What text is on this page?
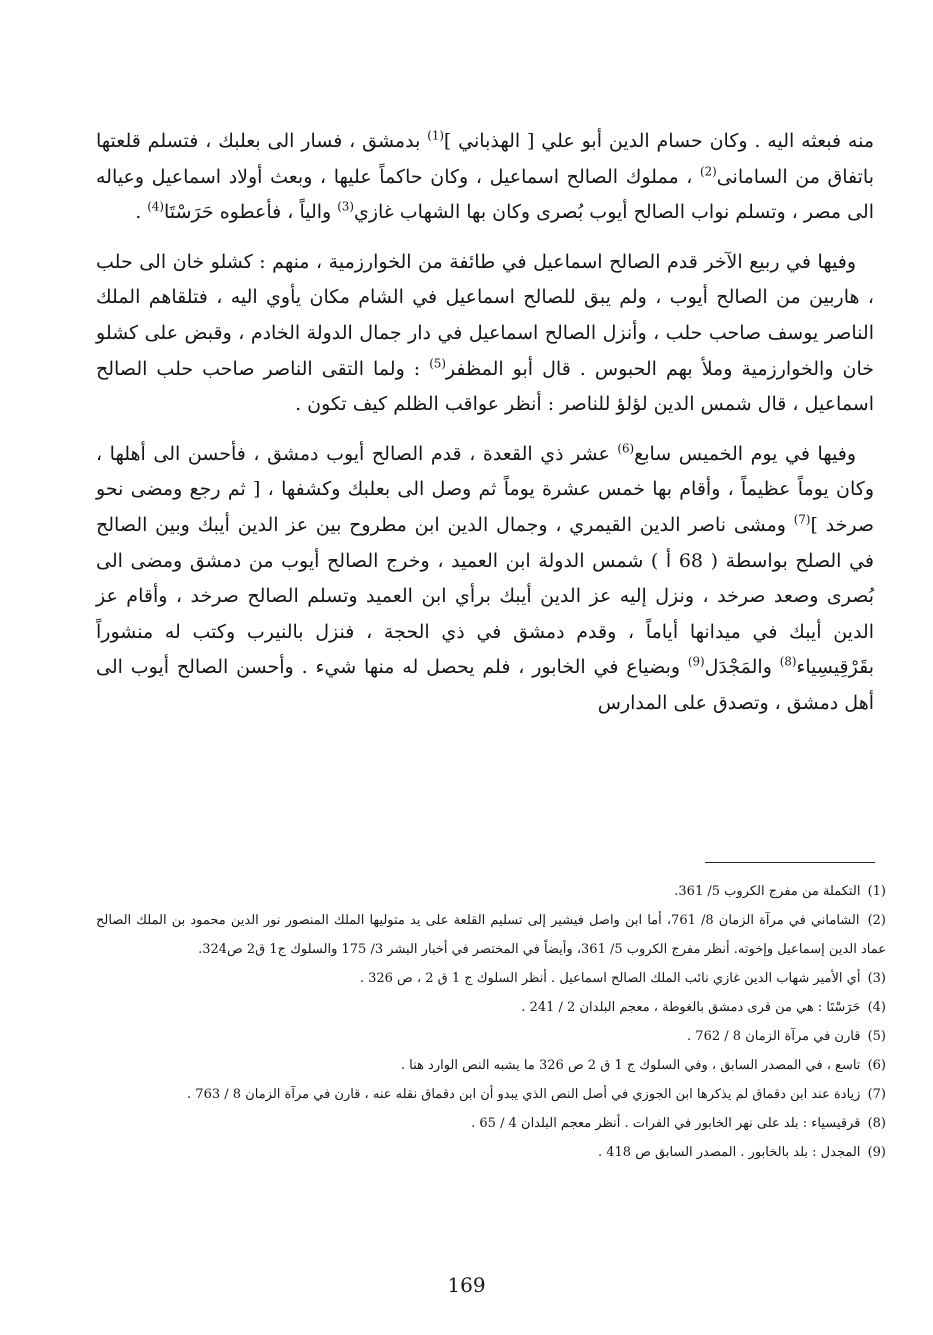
منه فبعثه اليه . وكان حسام الدين أبو علي [ الهذباني ]$^{(1)}$ بدمشق ، فسار الى بعلبك ، فتسلم قلعتها باتفاق من السامانى$^{(2)}$ ، مملوك الصالح اسماعيل ، وكان حاكماً عليها ، وبعث أولاد اسماعيل وعياله الى مصر ، وتسلم نواب الصالح أيوب بُصرى وكان بها الشهاب غازي$^{(3)}$ والياً ، فأعطوه حَرَسْتَا$^{(4)}$ .

وفيها في ربيع الآخر قدم الصالح اسماعيل في طائفة من الخوارزمية ، منهم : كشلو خان الى حلب ، هاربين من الصالح أيوب ، ولم يبق للصالح اسماعيل في الشام مكان يأوي اليه ، فتلقاهم الملك الناصر يوسف صاحب حلب ، وأنزل الصالح اسماعيل في دار جمال الدولة الخادم ، وقبض على كشلو خان والخوارزمية وملأ بهم الحبوس . قال أبو المظفر$^{(5)}$ : ولما التقى الناصر صاحب حلب الصالح اسماعيل ، قال شمس الدين لؤلؤ للناصر : أنظر عواقب الظلم كيف تكون .

وفيها في يوم الخميس سابع$^{(6)}$ عشر ذي القعدة ، قدم الصالح أيوب دمشق ، فأحسن الى أهلها ، وكان يوماً عظيماً ، وأقام بها خمس عشرة يوماً ثم وصل الى بعلبك وكشفها ، [ ثم رجع ومضى نحو صرخد ]$^{(7)}$ ومشى ناصر الدين القيمري ، وجمال الدين ابن مطروح بين عز الدين أيبك وبين الصالح في الصلح بواسطة ( 68 أ ) شمس الدولة ابن العميد ، وخرج الصالح أيوب من دمشق ومضى الى بُصرى وصعد صرخد ، ونزل إليه عز الدين أيبك برأي ابن العميد وتسلم الصالح صرخد ، وأقام عز الدين أيبك في ميدانها أياماً ، وقدم دمشق في ذي الحجة ، فنزل بالنيرب وكتب له منشوراً بقَرْقِيسِياء$^{(8)}$ والمَجْدَل$^{(9)}$ وبضياع في الخابور ، فلم يحصل له منها شيء . وأحسن الصالح أيوب الى أهل دمشق ، وتصدق على المدارس

(1) التكملة من مفرج الكروب 5/ 361.
(2) الشاماني في مرآة الزمان 8/ 761، أما ابن واصل فيشير إلى تسليم القلعة على يد متوليها الملك المنصور نور الدين محمود بن الملك الصالح عماد الدين إسماعيل وإخوته. أنظر مفرج الكروب 5/ 361، وأيضاً في المختصر في أخبار البشر 3/ 175 والسلوك ج1 ق2 ص324.
(3) أي الأمير شهاب الدين غازي نائب الملك الصالح اسماعيل . أنظر السلوك ج 1 ق 2 ، ص 326 .
(4) حَرَسْتَا : هي من قرى دمشق بالغوطة ، معجم البلدان 2 / 241 .
(5) قارن في مرآة الزمان 8 / 762 .
(6) تاسع ، في المصدر السابق ، وفي السلوك ج 1 ق 2 ص 326 ما يشبه النص الوارد هنا .
(7) زيادة عند ابن دقماق لم يذكرها ابن الجوزي في أصل النص الذي يبدو أن ابن دقماق نقله عنه ، قارن في مرآة الزمان 8 / 763 .
(8) قرقيسياء : بلد على نهر الخابور في الفرات . أنظر معجم البلدان 4 / 65 .
(9) المجدل : بلد بالخابور . المصدر السابق ص 418 .
169
